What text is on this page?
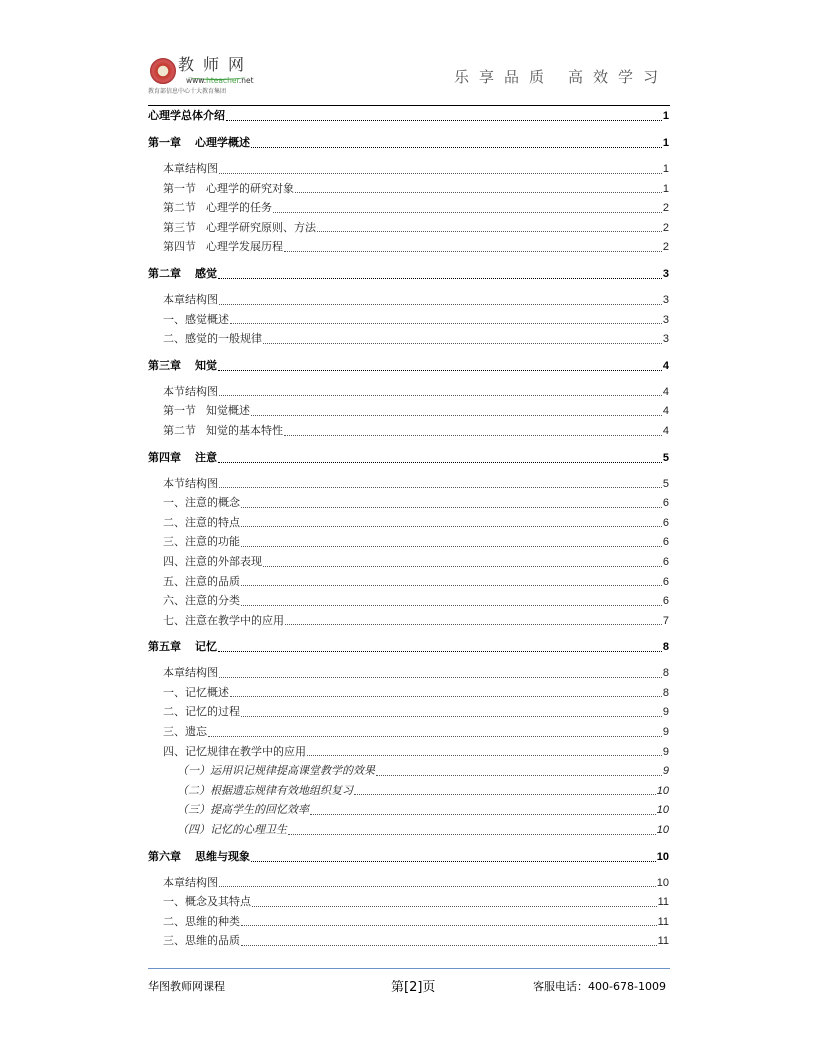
教师网
www.hteacher.net
教育部信息中心十大教育集团
乐享品质 高效学习
心理学总体介绍	1
第一章 心理学概述	1
本章结构图	1
第一节 心理学的研究对象	1
第二节 心理学的任务	2
第三节 心理学研究原则、方法	2
第四节 心理学发展历程	2
第二章 感觉	3
本章结构图	3
一、感觉概述	3
二、感觉的一般规律	3
第三章 知觉	4
本节结构图	4
第一节 知觉概述	4
第二节 知觉的基本特性	4
第四章 注意	5
本节结构图	5
一、注意的概念	6
二、注意的特点	6
三、注意的功能	6
四、注意的外部表现	6
五、注意的品质	6
六、注意的分类	6
七、注意在教学中的应用	7
第五章 记忆	8
本章结构图	8
一、记忆概述	8
二、记忆的过程	9
三、遗忘	9
四、记忆规律在教学中的应用	9
（一）运用识记规律提高课堂教学的效果	9
（二）根据遗忘规律有效地组织复习	10
（三）提高学生的回忆效率	10
（四）记忆的心理卫生	10
第六章 思维与现象	10
本章结构图	10
一、概念及其特点	11
二、思维的种类	11
三、思维的品质	11
华图教师网课程	第[2]页	客服电话：400-678-1009
